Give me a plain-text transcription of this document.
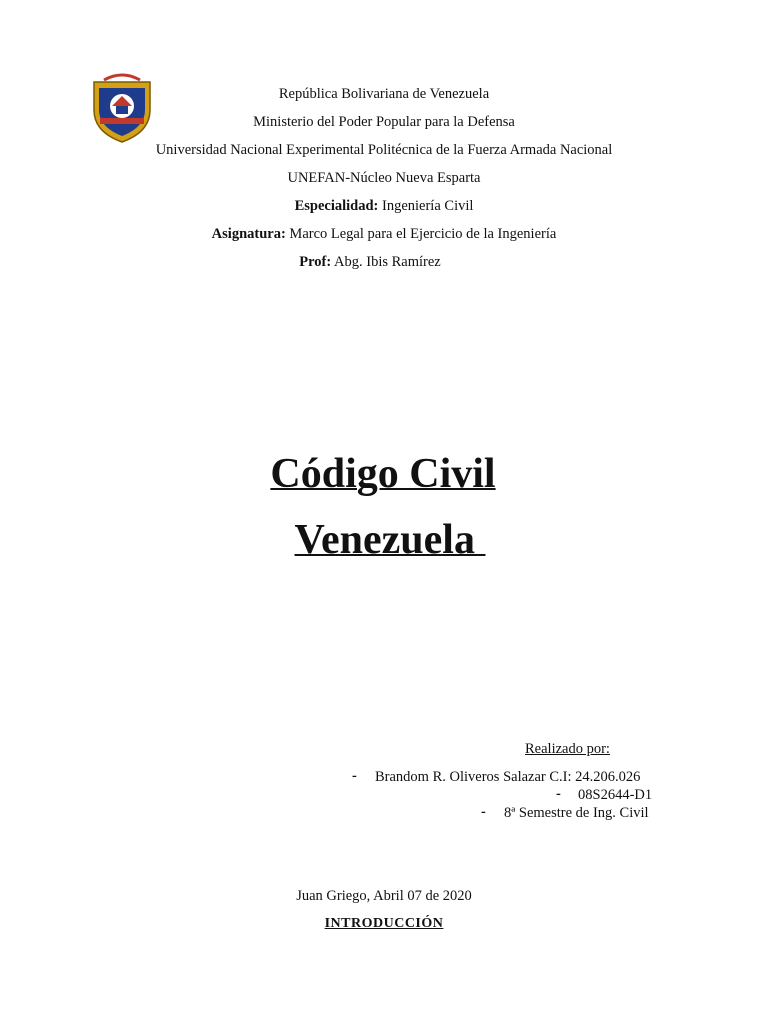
República Bolivariana de Venezuela
Ministerio del Poder Popular para la Defensa
Universidad Nacional Experimental Politécnica de la Fuerza Armada Nacional
UNEFAN-Núcleo Nueva Esparta
Especialidad: Ingeniería Civil
Asignatura: Marco Legal para el Ejercicio de la Ingeniería
Prof: Abg. Ibis Ramírez
Código Civil
Venezuela
Realizado por:
- Brandom R. Oliveros Salazar C.I: 24.206.026
- 08S2644-D1
- 8ª Semestre de Ing. Civil
Juan Griego, Abril 07 de 2020
INTRODUCCIÓN
